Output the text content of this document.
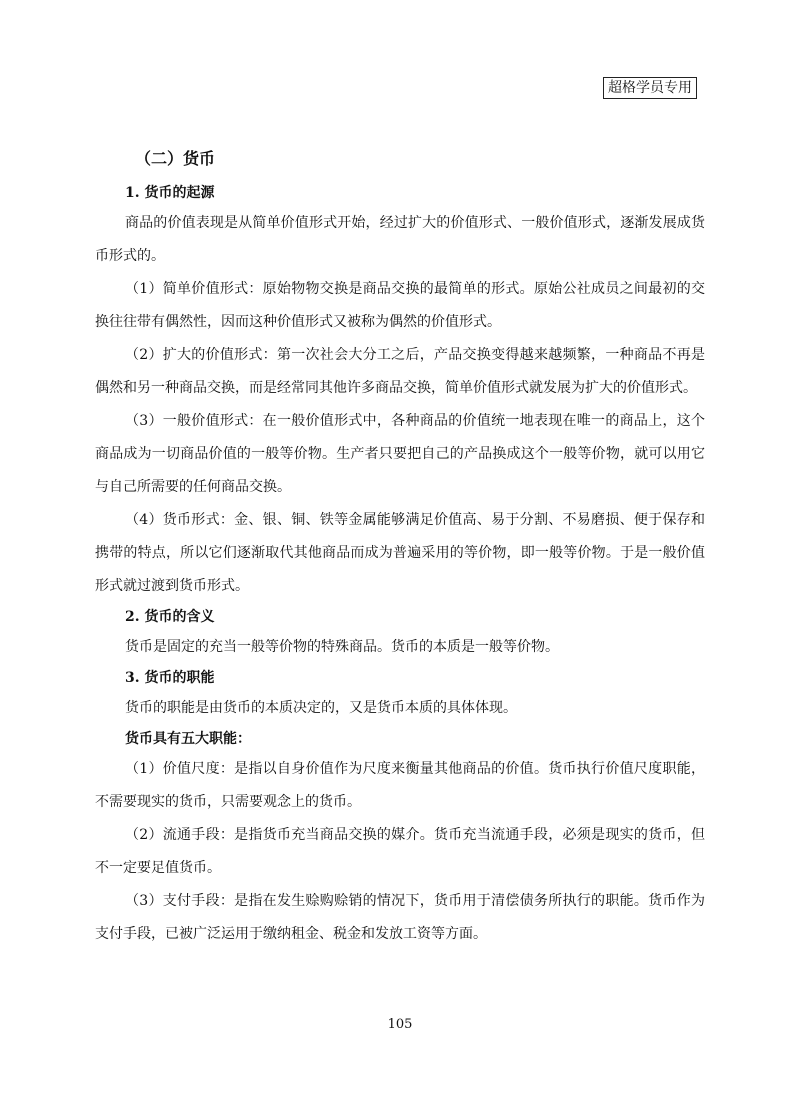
超格学员专用
（二）货币

1. 货币的起源

商品的价值表现是从简单价值形式开始，经过扩大的价值形式、一般价值形式，逐渐发展成货币形式的。

（1）简单价值形式：原始物物交换是商品交换的最简单的形式。原始公社成员之间最初的交换往往带有偶然性，因而这种价值形式又被称为偶然的价值形式。

（2）扩大的价值形式：第一次社会大分工之后，产品交换变得越来越频繁，一种商品不再是偶然和另一种商品交换，而是经常同其他许多商品交换，简单价值形式就发展为扩大的价值形式。

（3）一般价值形式：在一般价值形式中，各种商品的价值统一地表现在唯一的商品上，这个商品成为一切商品价值的一般等价物。生产者只要把自己的产品换成这个一般等价物，就可以用它与自己所需要的任何商品交换。

（4）货币形式：金、银、铜、铁等金属能够满足价值高、易于分割、不易磨损、便于保存和携带的特点，所以它们逐渐取代其他商品而成为普遍采用的等价物，即一般等价物。于是一般价值形式就过渡到货币形式。

2. 货币的含义

货币是固定的充当一般等价物的特殊商品。货币的本质是一般等价物。

3. 货币的职能

货币的职能是由货币的本质决定的，又是货币本质的具体体现。

货币具有五大职能：

（1）价值尺度：是指以自身价值作为尺度来衡量其他商品的价值。货币执行价值尺度职能，不需要现实的货币，只需要观念上的货币。

（2）流通手段：是指货币充当商品交换的媒介。货币充当流通手段，必须是现实的货币，但不一定要足值货币。

（3）支付手段：是指在发生赊购赊销的情况下，货币用于清偿债务所执行的职能。货币作为支付手段，已被广泛运用于缴纳租金、税金和发放工资等方面。

105
